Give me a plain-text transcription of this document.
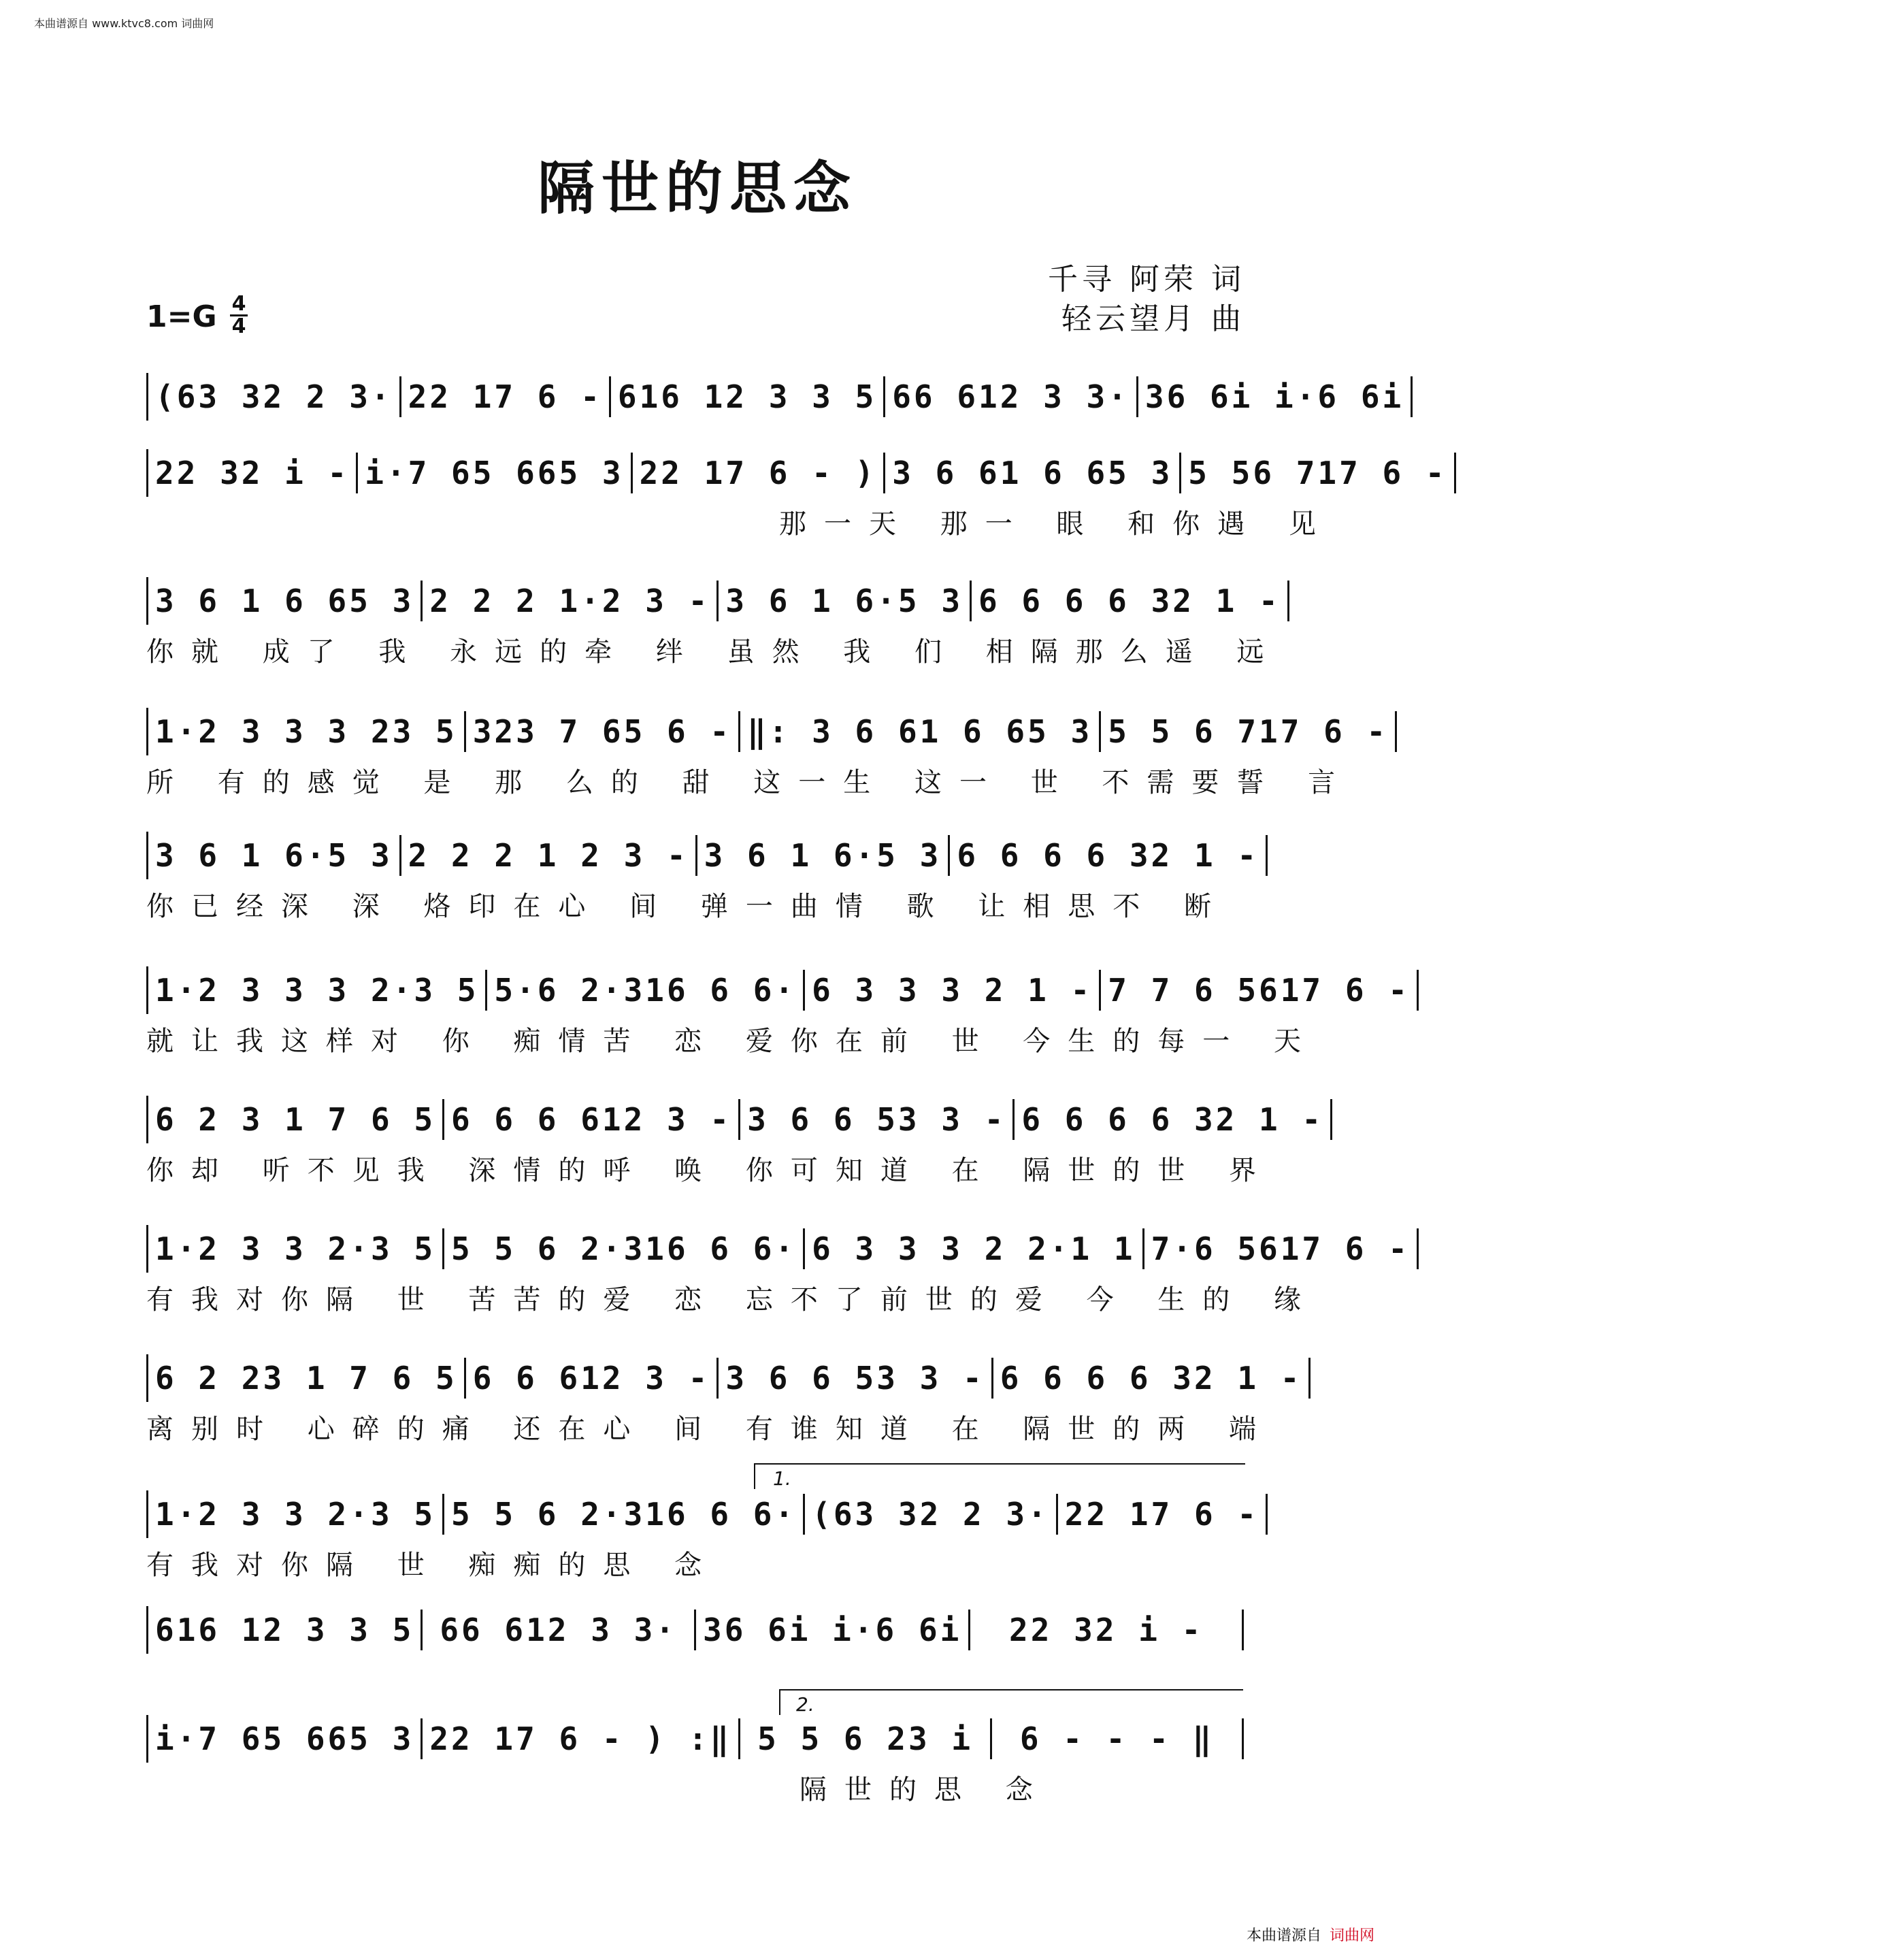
本曲谱源自 www.ktvc8.com 词曲网
隔世的思念
千寻 阿荣 词
轻云望月 曲
1=G 4
4
(63 32 2 3· 22 17 6 - 616 12 3 3 5 66 612 3 3· 36 6i i·6 6i
22 32 i - i·7 65 665 3 22 17 6 - ) 3 6 61 6 65 3 5 56 717 6 -
那一天 那一 眼 和你遇 见
3 6 1 6 65 3 2 2 2 1·2 3 - 3 6 1 6·5 3 6 6 6 6 32 1 -
你就 成了 我 永远的牵 绊 虽然 我 们 相隔那么遥 远
1·2 3 3 3 23 5 323 7 65 6 - ‖: 3 6 61 6 65 3 5 5 6 717 6 -
所 有的感觉 是 那 么的 甜 这一生 这一 世 不需要誓 言
3 6 1 6·5 3 2 2 2 1 2 3 - 3 6 1 6·5 3 6 6 6 6 32 1 -
你已经深 深 烙印在心 间 弹一曲情 歌 让相思不 断
1·2 3 3 3 2·3 5 5·6 2·316 6 6· 6 3 3 3 2 1 - 7 7 6 5617 6 -
就让我这样对 你 痴情苦 恋 爱你在前 世 今生的每一 天
6 2 3 1 7 6 5 6 6 6 612 3 - 3 6 6 53 3 - 6 6 6 6 32 1 -
你却 听不见我 深情的呼 唤 你可知道 在 隔世的世 界
1·2 3 3 2·3 5 5 5 6 2·316 6 6· 6 3 3 3 2 2·1 1 7·6 5617 6 -
有我对你隔 世 苦苦的爱 恋 忘不了前世的爱 今 生的 缘
6 2 23 1 7 6 5 6 6 612 3 - 3 6 6 53 3 - 6 6 6 6 32 1 -
离别时 心碎的痛 还在心 间 有谁知道 在 隔世的两 端
1·2 3 3 2·3 5 5 5 6 2·316 6 6· (63 32 2 3· 22 17 6 -
有我对你隔 世 痴痴的思 念
616 12 3 3 5 66 612 3 3· 36 6i i·6 6i	22 32 i -
i·7 65 665 3 22 17 6 - ) :‖ 5 5 6 23 i	6 - - - ‖
隔世的思 念
1.
2.
本曲谱源自 词曲网
